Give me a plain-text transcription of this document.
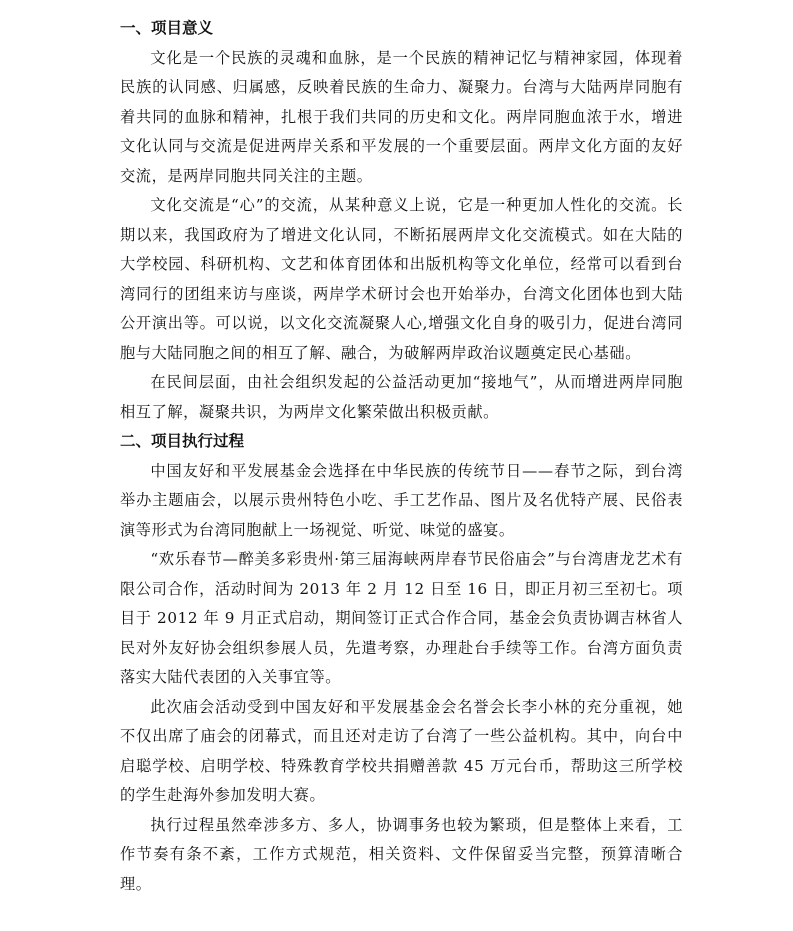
一、项目意义

文化是一个民族的灵魂和血脉，是一个民族的精神记忆与精神家园，体现着民族的认同感、归属感，反映着民族的生命力、凝聚力。台湾与大陆两岸同胞有着共同的血脉和精神，扎根于我们共同的历史和文化。两岸同胞血浓于水，增进文化认同与交流是促进两岸关系和平发展的一个重要层面。两岸文化方面的友好交流，是两岸同胞共同关注的主题。

文化交流是“心”的交流，从某种意义上说，它是一种更加人性化的交流。长期以来，我国政府为了增进文化认同，不断拓展两岸文化交流模式。如在大陆的大学校园、科研机构、文艺和体育团体和出版机构等文化单位，经常可以看到台湾同行的团组来访与座谈，两岸学术研讨会也开始举办，台湾文化团体也到大陆公开演出等。可以说，以文化交流凝聚人心,增强文化自身的吸引力，促进台湾同胞与大陆同胞之间的相互了解、融合，为破解两岸政治议题奠定民心基础。

在民间层面，由社会组织发起的公益活动更加“接地气”，从而增进两岸同胞相互了解，凝聚共识，为两岸文化繁荣做出积极贡献。

二、项目执行过程

中国友好和平发展基金会选择在中华民族的传统节日——春节之际，到台湾举办主题庙会，以展示贵州特色小吃、手工艺作品、图片及名优特产展、民俗表演等形式为台湾同胞献上一场视觉、听觉、味觉的盛宴。

“欢乐春节—醉美多彩贵州·第三届海峡两岸春节民俗庙会”与台湾唐龙艺术有限公司合作，活动时间为 2013 年 2 月 12 日至 16 日，即正月初三至初七。项目于 2012 年 9 月正式启动，期间签订正式合作合同，基金会负责协调吉林省人民对外友好协会组织参展人员，先遣考察，办理赴台手续等工作。台湾方面负责落实大陆代表团的入关事宜等。

此次庙会活动受到中国友好和平发展基金会名誉会长李小林的充分重视，她不仅出席了庙会的闭幕式，而且还对走访了台湾了一些公益机构。其中，向台中启聪学校、启明学校、特殊教育学校共捐赠善款 45 万元台币，帮助这三所学校的学生赴海外参加发明大赛。

执行过程虽然牵涉多方、多人，协调事务也较为繁琐，但是整体上来看，工作节奏有条不紊，工作方式规范，相关资料、文件保留妥当完整，预算清晰合理。
